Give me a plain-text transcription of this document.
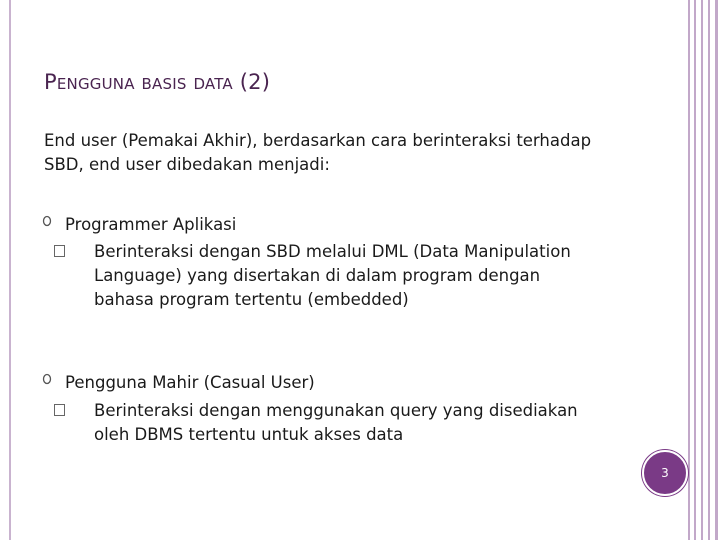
Pengguna basis data (2)
End user (Pemakai Akhir), berdasarkan cara berinteraksi terhadap SBD, end user dibedakan menjadi:
Programmer Aplikasi
Berinteraksi dengan SBD melalui DML (Data Manipulation Language) yang disertakan di dalam program dengan bahasa program tertentu (embedded)
Pengguna Mahir (Casual User)
Berinteraksi dengan menggunakan query yang disediakan oleh DBMS tertentu untuk akses data
3
